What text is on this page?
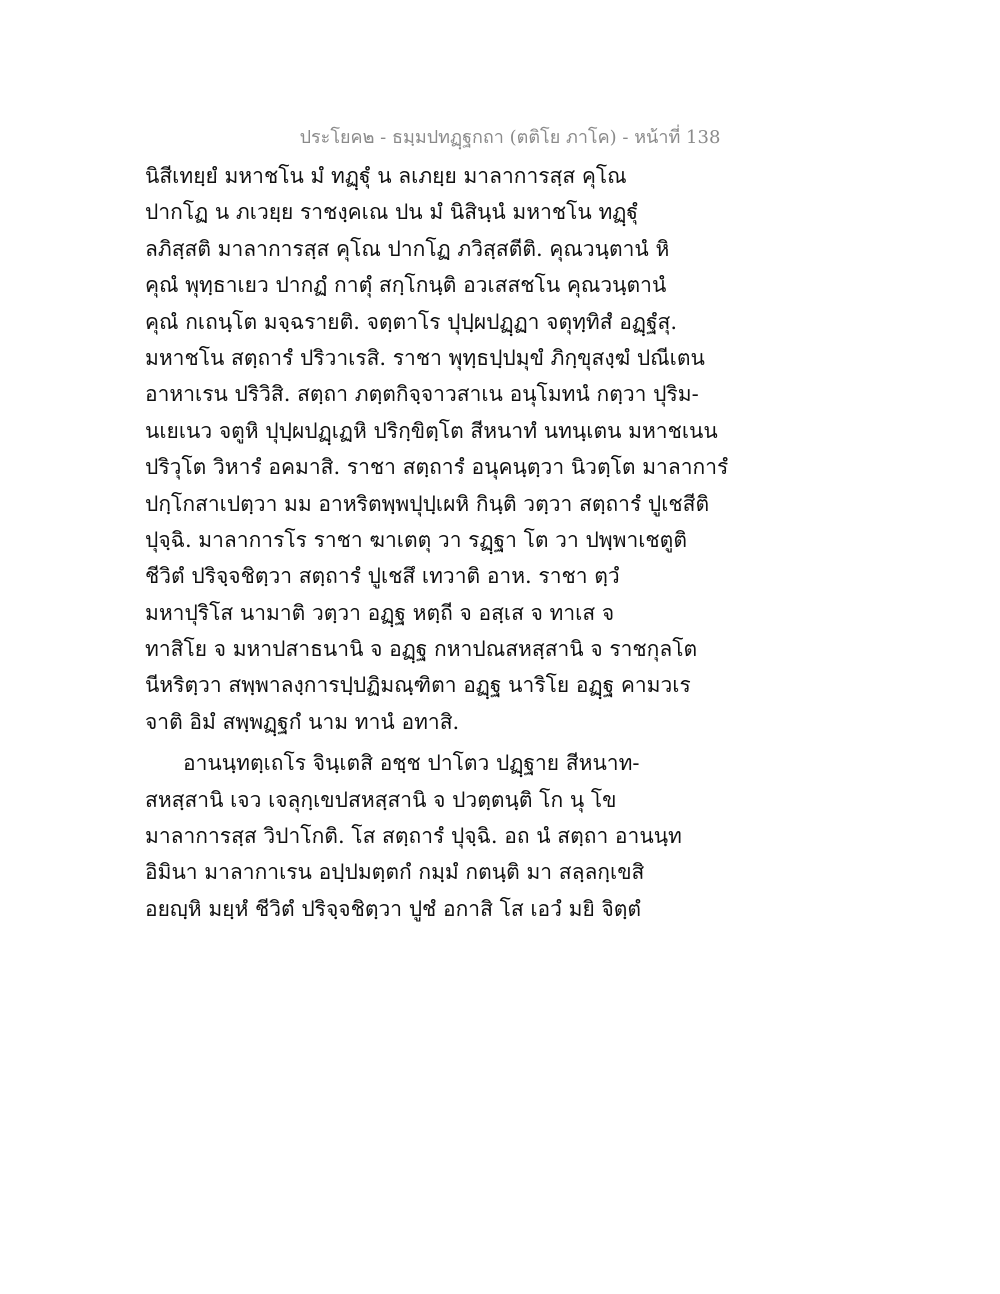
ประโยค๒ - ธมฺมปทฏฺฐกถา (ตติโย ภาโค) - หน้าที่ 138
นิสีเทยฺยํ มหาชโน มํ ทฏฺฐุํ น ลเภยฺย มาลาการสฺส คุโณ
ปากโฏ น ภเวยฺย ราชงฺคเณ ปน มํ นิสินฺนํ มหาชโน ทฏฺฐุํ
ลภิสฺสติ มาลาการสฺส คุโณ ปากโฏ ภวิสฺสตีติ. คุณวนฺตานํ หิ
คุณํ พุทฺธาเยว ปากฏํ กาตุํ สกฺโกนฺติ อวเสสชโน คุณวนฺตานํ
คุณํ กเถนฺโต มจฺฉรายติ. จตฺตาโร ปุปฺผปฏฺฏา จตุทฺทิสํ อฏฺฐํสุ.
มหาชโน สตฺถารํ ปริวาเรสิ. ราชา พุทฺธปฺปมุขํ ภิกฺขุสงฺฆํ ปณีเตน
อาหาเรน ปริวิสิ. สตฺถา ภตฺตกิจฺจาวสาเน อนุโมทนํ กตฺวา ปุริม-
นเยเนว จตูหิ ปุปฺผปฏฺเฏหิ ปริกฺขิตฺโต สีหนาทํ นทนฺเตน มหาชเนน
ปริวุโต วิหารํ อคมาสิ. ราชา สตฺถารํ อนุคนฺตฺวา นิวตฺโต มาลาการํ
ปกฺโกสาเปตฺวา มม อาหริตพฺพปุปฺเผหิ กินฺติ วตฺวา สตฺถารํ ปูเชสีติ
ปุจฺฉิ. มาลาการโร ราชา ฆาเตตุ วา รฏฺฐา โต วา ปพฺพาเชตูติ
ชีวิตํ ปริจฺจชิตฺวา สตฺถารํ ปูเชสึ เทวาติ อาห. ราชา ตฺวํ
มหาปุริโส นามาติ วตฺวา อฏฺฐ หตฺถี จ อสฺเส จ ทาเส จ
ทาสิโย จ มหาปสาธนานิ จ อฏฺฐ กหาปณสหสฺสานิ จ ราชกุลโต
นีหริตฺวา สพฺพาลงฺการปฺปฏิมณฺฑิตา อฏฺฐ นาริโย อฏฺฐ คามวเร
จาติ อิมํ สพฺพฏฺฐกํ นาม ทานํ อทาสิ.
อานนฺทตฺเถโร จินฺเตสิ อชฺช ปาโตว ปฏฺฐาย สีหนาท-
สหสฺสานิ เจว เจลุกฺเขปสหสฺสานิ จ ปวตฺตนฺติ โก นุ โข
มาลาการสฺส วิปาโกติ. โส สตฺถารํ ปุจฺฉิ. อถ นํ สตฺถา อานนฺท
อิมินา มาลากาเรน อปฺปมตฺตกํ กมฺมํ กตนฺติ มา สลฺลกฺเขสิ
อยญฺหิ มยฺหํ ชีวิตํ ปริจฺจชิตฺวา ปูชํ อกาสิ โส เอวํ มยิ จิตฺตํ
